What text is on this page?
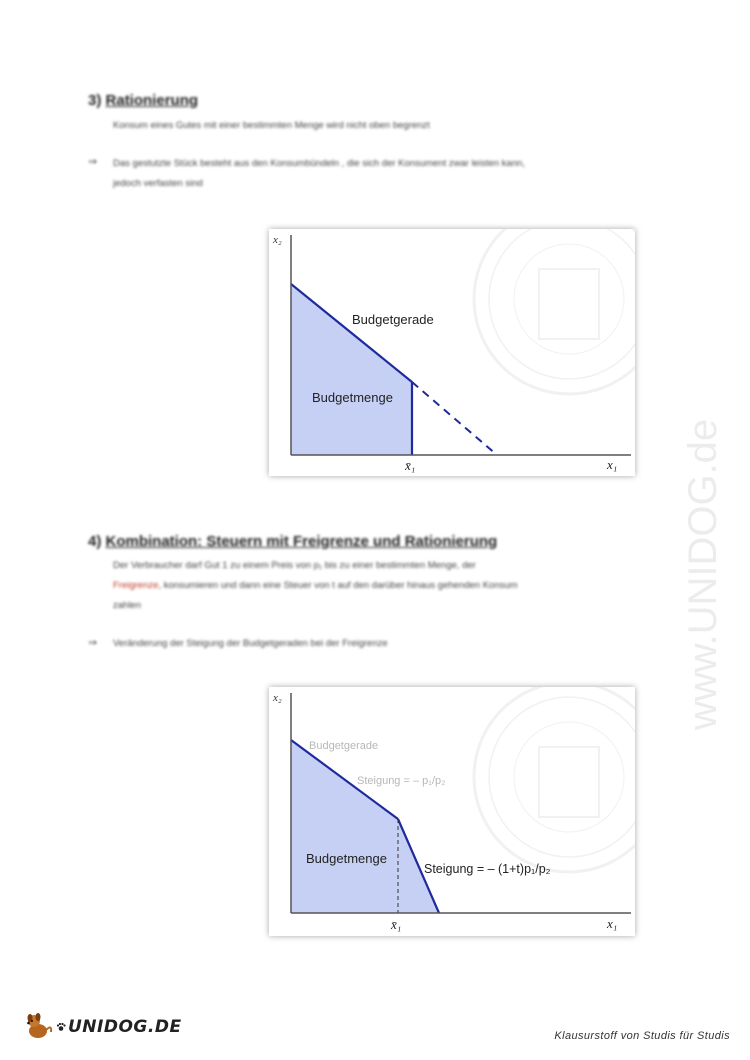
www.UNIDOG.de
3) Rationierung
Konsum eines Gutes mit einer bestimmten Menge wird nicht oben begrenzt
⇒ Das gestutzte Stück besteht aus den Konsumbündeln , die sich der Konsument zwar leisten kann,
jedoch verfasten sind
x₂
x₁
x̄₁
Budgetgerade
Budgetmenge
4) Kombination: Steuern mit Freigrenze und Rationierung
Der Verbraucher darf Gut 1 zu einem Preis von p₁ bis zu einer bestimmten Menge, der
Freigrenze, konsumieren und dann eine Steuer von t auf den darüber hinaus gehenden Konsum
zahlen
⇒ Veränderung der Steigung der Budgetgeraden bei der Freigrenze
x₂
x₁
x̄₁
Budgetgerade
Steigung = – p₁/p₂
Steigung = – (1+t)p₁/p₂
Budgetmenge
UNIDOG.DE	Klausurstoff von Studis für Studis
